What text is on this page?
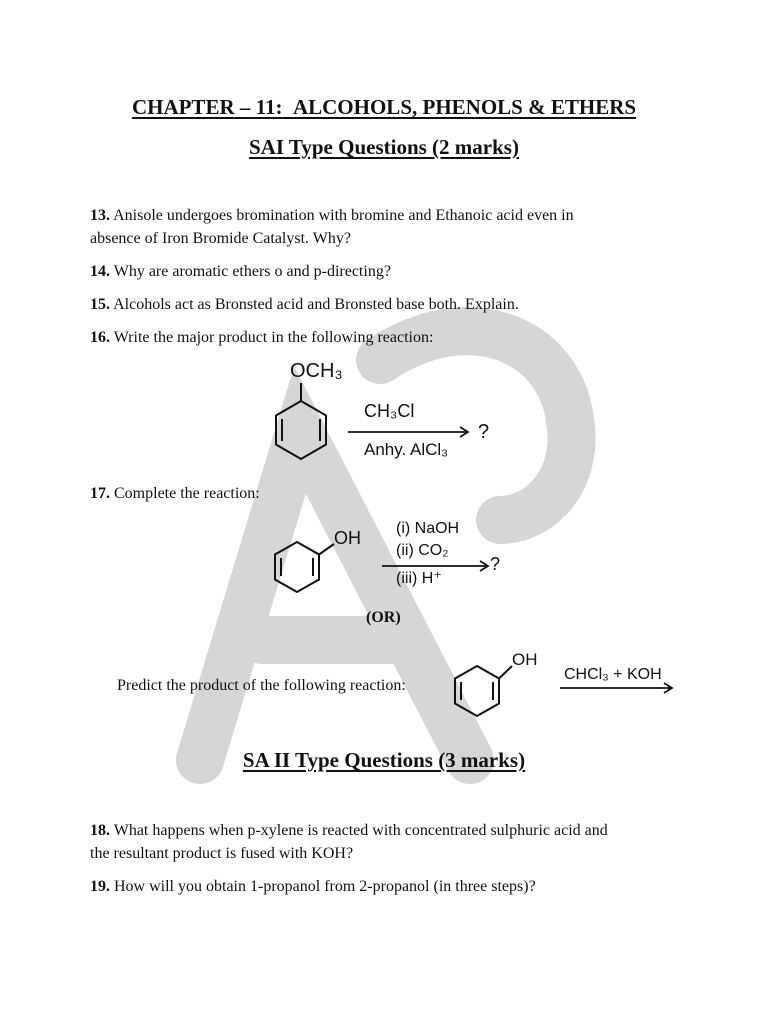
CHAPTER – 11: ALCOHOLS, PHENOLS & ETHERS
SAI Type Questions (2 marks)
13. Anisole undergoes bromination with bromine and Ethanoic acid even in
absence of Iron Bromide Catalyst. Why?
14. Why are aromatic ethers o and p-directing?
15. Alcohols act as Bronsted acid and Bronsted base both. Explain.
16. Write the major product in the following reaction:
OCH₃
CH₃Cl
Anhy. AlCl₃
?
17. Complete the reaction:
OH (i) NaOH
(ii) CO₂
(iii) H⁺
?
(OR)
Predict the product of the following reaction:
OH
CHCl₃ + KOH
SA II Type Questions (3 marks)
18. What happens when p-xylene is reacted with concentrated sulphuric acid and
the resultant product is fused with KOH?
19. How will you obtain 1-propanol from 2-propanol (in three steps)?
